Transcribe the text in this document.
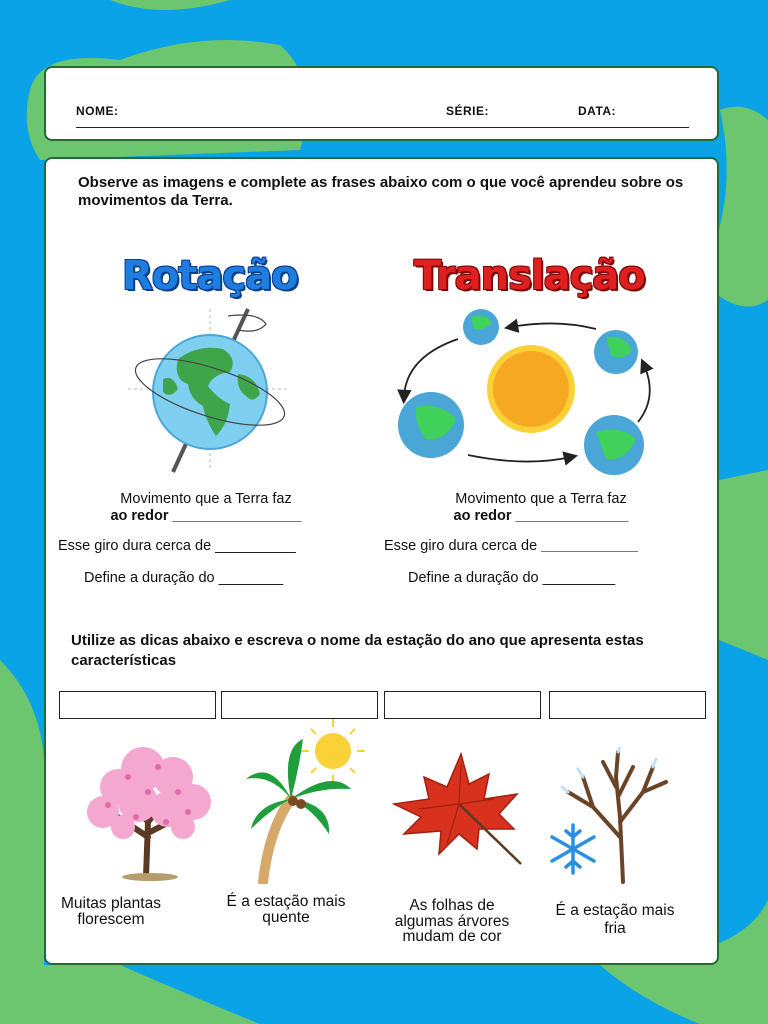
NOME:	SÉRIE:	DATA:
Observe as imagens e complete as frases abaixo com o que você aprendeu sobre os movimentos da Terra.
Rotação	Translação
Movimento que a Terra faz
ao redor ________________
Esse giro dura cerca de __________
Define a duração do ________
Movimento que a Terra faz
ao redor ______________
Esse giro dura cerca de ____________
Define a duração do _________
Utilize as dicas abaixo e escreva o nome da estação do ano que apresenta estas características
Muitas plantas
florescem
É a estação mais
quente
As folhas de
algumas árvores
mudam de cor
É a estação mais
fria
